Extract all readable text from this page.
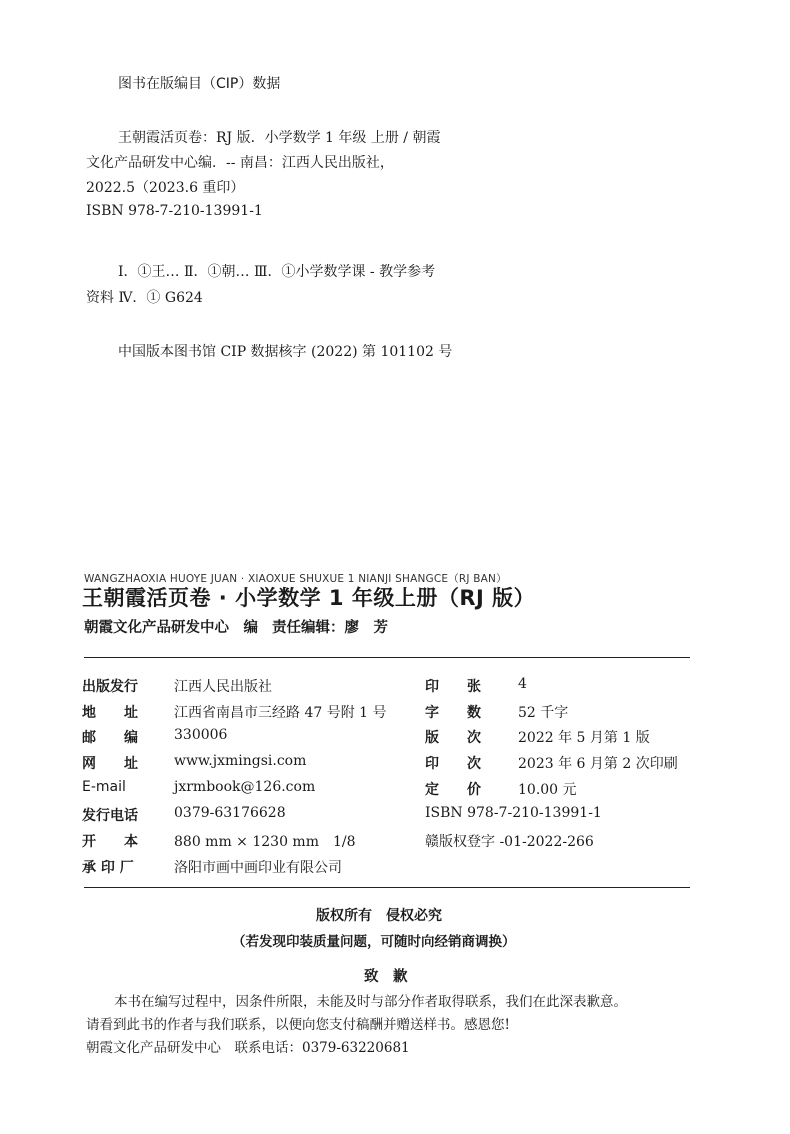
图书在版编目（CIP）数据
王朝霞活页卷：RJ 版．小学数学 1 年级 上册 / 朝霞
文化产品研发中心编．-- 南昌：江西人民出版社，
2022.5（2023.6 重印）
ISBN 978-7-210-13991-1
Ⅰ．①王… Ⅱ．①朝… Ⅲ．①小学数学课 - 教学参考
资料 Ⅳ．① G624
中国版本图书馆 CIP 数据核字 (2022) 第 101102 号
WANGZHAOXIA HUOYE JUAN · XIAOXUE SHUXUE 1 NIANJI SHANGCE（RJ BAN）
王朝霞活页卷 · 小学数学 1 年级上册（RJ 版）
朝霞文化产品研发中心　编 责任编辑：廖　芳
出版发行	江西人民出版社
地　　址	江西省南昌市三经路 47 号附 1 号
邮　　编	330006
网　　址	www.jxmingsi.com
E-mail	jxrmbook@126.com
发行电话	0379-63176628
开　　本	880 mm × 1230 mm　1/8
承 印 厂	洛阳市画中画印业有限公司
印　　张	4
字　　数	52 千字
版　　次	2022 年 5 月第 1 版
印　　次	2023 年 6 月第 2 次印刷
定　　价	10.00 元
ISBN 978-7-210-13991-1
赣版权登字 -01-2022-266
版权所有　侵权必究
（若发现印装质量问题，可随时向经销商调换）
致　歉
本书在编写过程中，因条件所限，未能及时与部分作者取得联系，我们在此深表歉意。
请看到此书的作者与我们联系，以便向您支付稿酬并赠送样书。感恩您!
朝霞文化产品研发中心　联系电话：0379-63220681
